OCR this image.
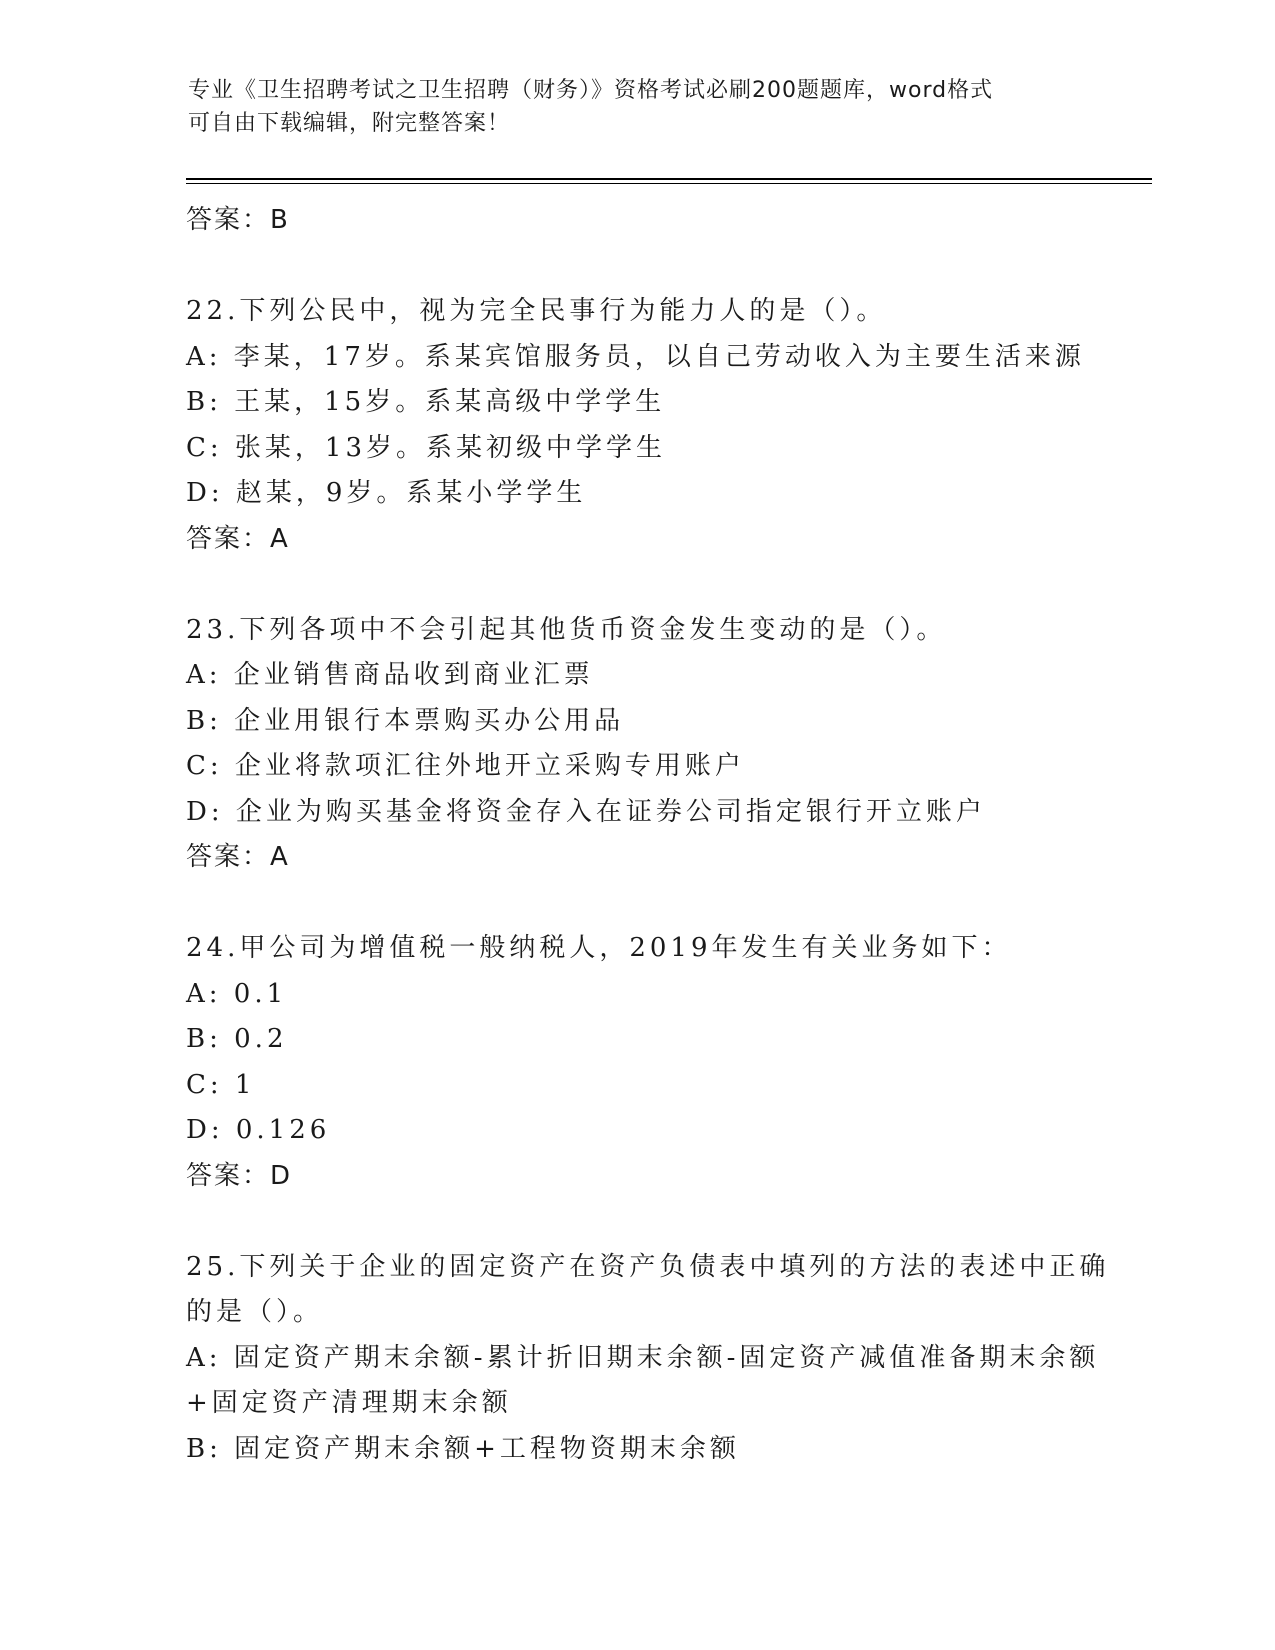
专业《卫生招聘考试之卫生招聘（财务）》资格考试必刷200题题库，word格式
可自由下载编辑，附完整答案！
答案：B
22.下列公民中，视为完全民事行为能力人的是（）。
A: 李某，17岁。系某宾馆服务员，以自己劳动收入为主要生活来源
B: 王某，15岁。系某高级中学学生
C: 张某，13岁。系某初级中学学生
D: 赵某，9岁。系某小学学生
答案：A
23.下列各项中不会引起其他货币资金发生变动的是（）。
A: 企业销售商品收到商业汇票
B: 企业用银行本票购买办公用品
C: 企业将款项汇往外地开立采购专用账户
D: 企业为购买基金将资金存入在证券公司指定银行开立账户
答案：A
24.甲公司为增值税一般纳税人，2019年发生有关业务如下：
A: 0.1
B: 0.2
C: 1
D: 0.126
答案：D
25.下列关于企业的固定资产在资产负债表中填列的方法的表述中正确
的是（）。
A: 固定资产期末余额-累计折旧期末余额-固定资产减值准备期末余额
+固定资产清理期末余额
B: 固定资产期末余额+工程物资期末余额
